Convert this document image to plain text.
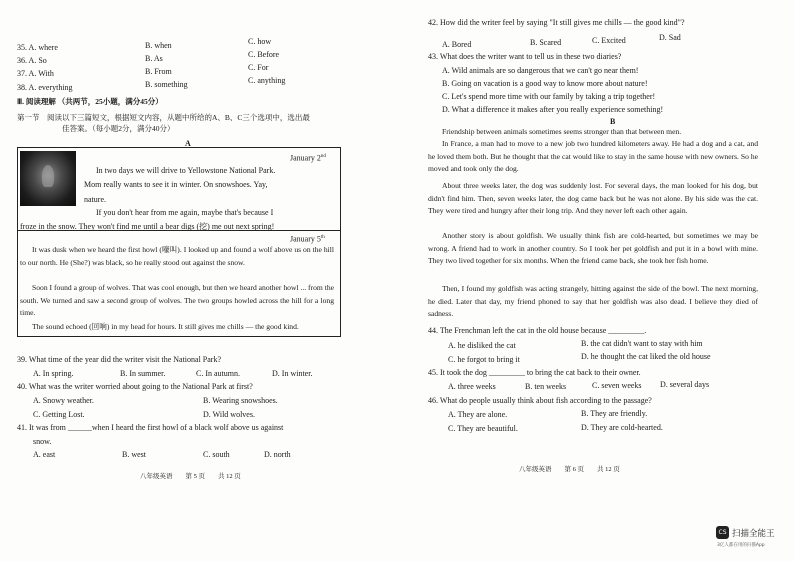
35. A. where	B. when	C. how
36. A. So	B. As	C. Before
37. A. With	B. From	C. For
38. A. everything	B. something	C. anything
Ⅲ. 阅读理解 （共两节，25小题，满分45分）
第一节　阅读以下三篇短文，根据短文内容，从题中所给的A、B、C三个选项中，选出最
佳答案。（每小题2分，满分40分）
A
January 2nd
In two days we will drive to Yellowstone National Park.
Mom really wants to see it in winter. On snowshoes. Yay,
nature.
If you don't hear from me again, maybe that's because I
froze in the snow. They won't find me until a bear digs (挖) me out next spring!
January 5th
It was dusk when we heard the first howl (嚎叫). I looked up and found a wolf above us on the hill to our north. He (She?) was black, so he really stood out against the snow.
Soon I found a group of wolves. That was cool enough, but then we heard another howl ... from the south. We turned and saw a second group of wolves. The two groups howled across the hill for a long time.
The sound echoed (回响) in my head for hours. It still gives me chills — the good kind.
39. What time of the year did the writer visit the National Park?
A. In spring.	B. In summer.	C. In autumn.	D. In winter.
40. What was the writer worried about going to the National Park at first?
A. Snowy weather.	B. Wearing snowshoes.
C. Getting Lost.	D. Wild wolves.
41. It was from ______when I heard the first howl of a black wolf above us against
snow.
A. east	B. west	C. south	D. north
八年级英语　　第 5 页　　共 12 页
42. How did the writer feel by saying "It still gives me chills — the good kind"?
A. Bored	B. Scared	C. Excited	D. Sad
43. What does the writer want to tell us in these two diaries?
A. Wild animals are so dangerous that we can't go near them!
B. Going on vacation is a good way to know more about nature!
C. Let's spend more time with our family by taking a trip together!
D. What a difference it makes after you really experience something!
B
Friendship between animals sometimes seems stronger than that between men.
In France, a man had to move to a new job two hundred kilometers away. He had a dog and a cat, and he loved them both. But he thought that the cat would like to stay in the same house with new owners. So he moved and took only the dog.
About three weeks later, the dog was suddenly lost. For several days, the man looked for his dog, but didn't find him. Then, seven weeks later, the dog came back but he was not alone. By his side was the cat. They were tired and hungry after their long trip. And they never left each other again.
Another story is about goldfish. We usually think fish are cold-hearted, but sometimes we may be wrong. A friend had to work in another country. So I took her pet goldfish and put it in a bowl with mine. They two lived together for six months. When the friend came back, she took her fish home.
Then, I found my goldfish was acting strangely, hitting against the side of the bowl. The next morning, he died. Later that day, my friend phoned to say that her goldfish was also dead. I believe they died of sadness.
44. The Frenchman left the cat in the old house because _________.
A. he disliked the cat	B. the cat didn't want to stay with him
C. he forgot to bring it	D. he thought the cat liked the old house
45. It took the dog _________ to bring the cat back to their owner.
A. three weeks	B. ten weeks	C. seven weeks D. several days
46. What do people usually think about fish according to the passage?
A. They are alone.	B. They are friendly.
C. They are beautiful.	D. They are cold-hearted.
八年级英语　　第 6 页　　共 12 页
CS 扫描全能王
3亿人都在用的扫描App
